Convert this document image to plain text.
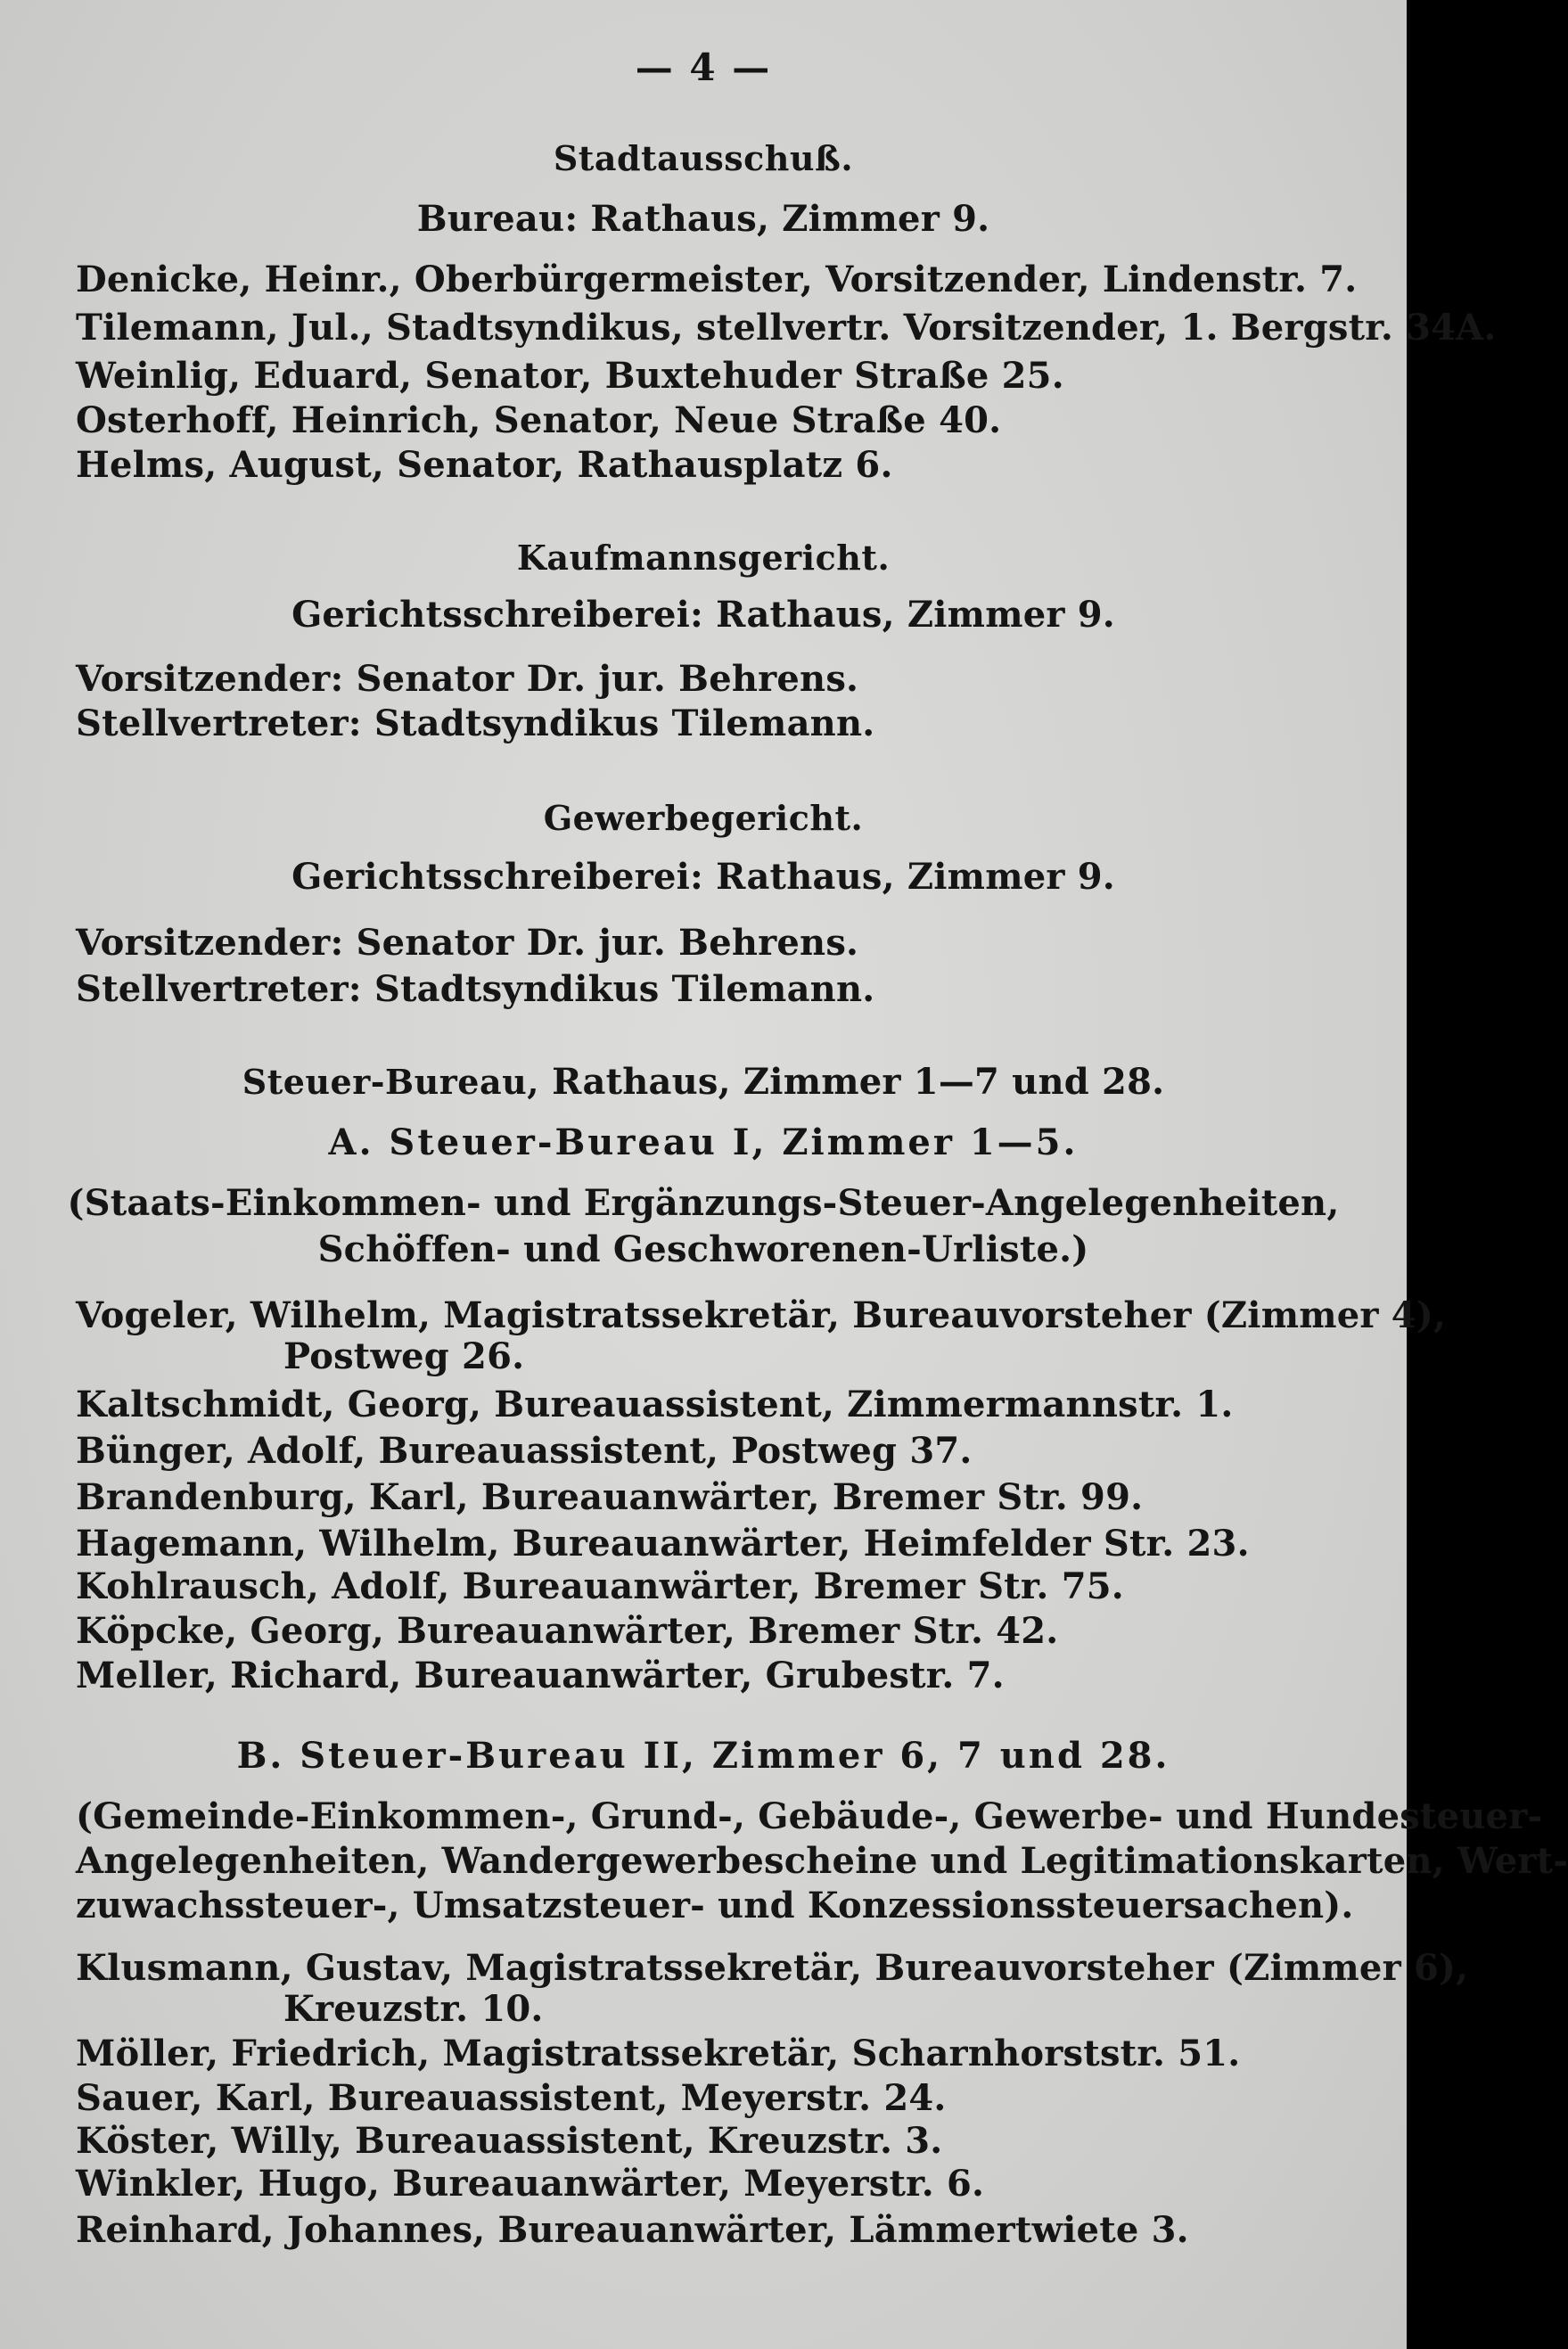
— 4 —
Stadtausschuß.
Bureau: Rathaus, Zimmer 9.
Denicke, Heinr., Oberbürgermeister, Vorsitzender, Lindenstr. 7.
Tilemann, Jul., Stadtsyndikus, stellvertr. Vorsitzender, 1. Bergstr. 34A.
Weinlig, Eduard, Senator, Buxtehuder Straße 25.
Osterhoff, Heinrich, Senator, Neue Straße 40.
Helms, August, Senator, Rathausplatz 6.
Kaufmannsgericht.
Gerichtsschreiberei: Rathaus, Zimmer 9.
Vorsitzender: Senator Dr. jur. Behrens.
Stellvertreter: Stadtsyndikus Tilemann.
Gewerbegericht.
Gerichtsschreiberei: Rathaus, Zimmer 9.
Vorsitzender: Senator Dr. jur. Behrens.
Stellvertreter: Stadtsyndikus Tilemann.
Steuer-Bureau, Rathaus, Zimmer 1—7 und 28.
A. Steuer-Bureau I, Zimmer 1—5.
(Staats-Einkommen- und Ergänzungs-Steuer-Angelegenheiten,
Schöffen- und Geschworenen-Urliste.)
Vogeler, Wilhelm, Magistratssekretär, Bureauvorsteher (Zimmer 4),
Postweg 26.
Kaltschmidt, Georg, Bureauassistent, Zimmermannstr. 1.
Bünger, Adolf, Bureauassistent, Postweg 37.
Brandenburg, Karl, Bureauanwärter, Bremer Str. 99.
Hagemann, Wilhelm, Bureauanwärter, Heimfelder Str. 23.
Kohlrausch, Adolf, Bureauanwärter, Bremer Str. 75.
Köpcke, Georg, Bureauanwärter, Bremer Str. 42.
Meller, Richard, Bureauanwärter, Grubestr. 7.
B. Steuer-Bureau II, Zimmer 6, 7 und 28.
(Gemeinde-Einkommen-, Grund-, Gebäude-, Gewerbe- und Hundesteuer-
Angelegenheiten, Wandergewerbescheine und Legitimationskarten, Wert-
zuwachssteuer-, Umsatzsteuer- und Konzessionssteuersachen).
Klusmann, Gustav, Magistratssekretär, Bureauvorsteher (Zimmer 6),
Kreuzstr. 10.
Möller, Friedrich, Magistratssekretär, Scharnhorststr. 51.
Sauer, Karl, Bureauassistent, Meyerstr. 24.
Köster, Willy, Bureauassistent, Kreuzstr. 3.
Winkler, Hugo, Bureauanwärter, Meyerstr. 6.
Reinhard, Johannes, Bureauanwärter, Lämmertwiete 3.
